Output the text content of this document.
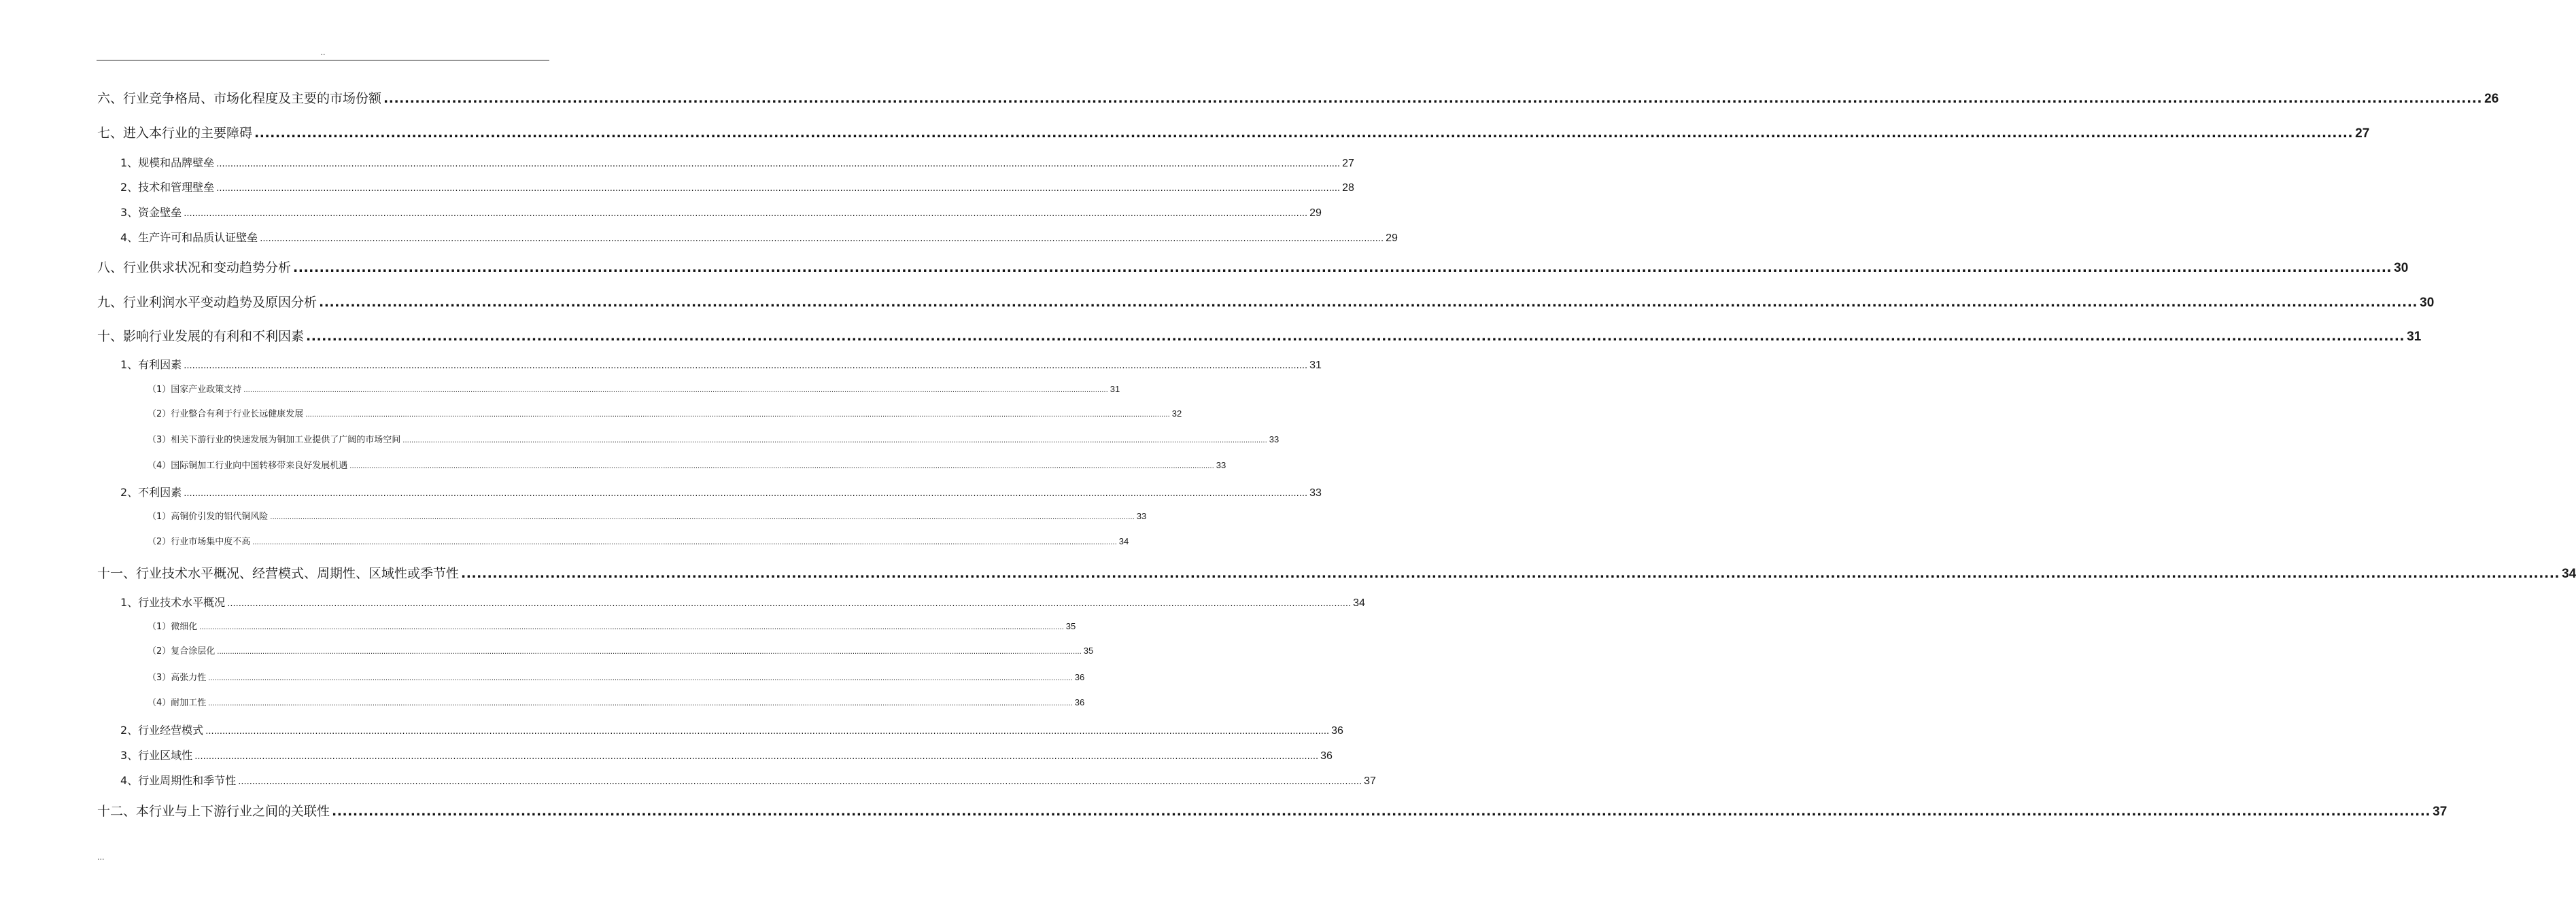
..
六、行业竞争格局、市场化程度及主要的市场份额 ................................................................................................................................................................................................................................................................................................................................................................................................................ 26
七、进入本行业的主要障碍 ................................................................................................................................................................................................................................................................................................................................................................................................................ 27
1、规模和品牌壁垒 ................................................................................................................................................................................................................................................................................................................................................................................................................ 27
2、技术和管理壁垒 ................................................................................................................................................................................................................................................................................................................................................................................................................ 28
3、资金壁垒 ................................................................................................................................................................................................................................................................................................................................................................................................................ 29
4、生产许可和品质认证壁垒 ................................................................................................................................................................................................................................................................................................................................................................................................................ 29
八、行业供求状况和变动趋势分析 ................................................................................................................................................................................................................................................................................................................................................................................................................ 30
九、行业利润水平变动趋势及原因分析 ................................................................................................................................................................................................................................................................................................................................................................................................................ 30
十、影响行业发展的有利和不利因素 ................................................................................................................................................................................................................................................................................................................................................................................................................ 31
1、有利因素 ................................................................................................................................................................................................................................................................................................................................................................................................................ 31
（1）国家产业政策支持 ................................................................................................................................................................................................................................................................................................................................................................................................................ 31
（2）行业整合有利于行业长远健康发展 ................................................................................................................................................................................................................................................................................................................................................................................................................ 32
（3）相关下游行业的快速发展为铜加工业提供了广阔的市场空间 ................................................................................................................................................................................................................................................................................................................................................................................................................ 33
（4）国际铜加工行业向中国转移带来良好发展机遇 ................................................................................................................................................................................................................................................................................................................................................................................................................ 33
2、不利因素 ................................................................................................................................................................................................................................................................................................................................................................................................................ 33
（1）高铜价引发的铝代铜风险 ................................................................................................................................................................................................................................................................................................................................................................................................................ 33
（2）行业市场集中度不高 ................................................................................................................................................................................................................................................................................................................................................................................................................ 34
十一、行业技术水平概况、经营模式、周期性、区域性或季节性 ................................................................................................................................................................................................................................................................................................................................................................................................................ 34
1、行业技术水平概况 ................................................................................................................................................................................................................................................................................................................................................................................................................ 34
（1）微细化 ................................................................................................................................................................................................................................................................................................................................................................................................................ 35
（2）复合涂层化 ................................................................................................................................................................................................................................................................................................................................................................................................................ 35
（3）高张力性 ................................................................................................................................................................................................................................................................................................................................................................................................................ 36
（4）耐加工性 ................................................................................................................................................................................................................................................................................................................................................................................................................ 36
2、行业经营模式 ................................................................................................................................................................................................................................................................................................................................................................................................................ 36
3、行业区域性 ................................................................................................................................................................................................................................................................................................................................................................................................................ 36
4、行业周期性和季节性 ................................................................................................................................................................................................................................................................................................................................................................................................................ 37
十二、本行业与上下游行业之间的关联性 ................................................................................................................................................................................................................................................................................................................................................................................................................ 37
...
